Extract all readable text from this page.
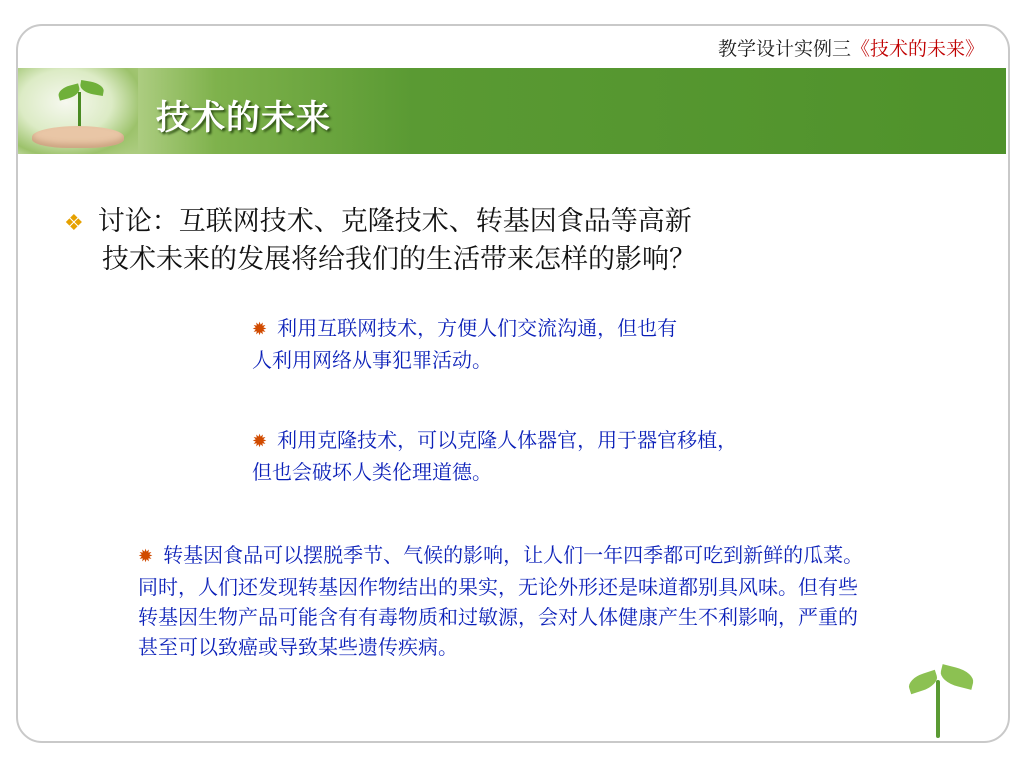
教学设计实例三《技术的未来》
技术的未来
❖ 讨论：互联网技术、克隆技术、转基因食品等高新
技术未来的发展将给我们的生活带来怎样的影响？
✹ 利用互联网技术，方便人们交流沟通，但也有人利用网络从事犯罪活动。
✹ 利用克隆技术，可以克隆人体器官，用于器官移植，但也会破坏人类伦理道德。
✹ 转基因食品可以摆脱季节、气候的影响，让人们一年四季都可吃到新鲜的瓜菜。同时，人们还发现转基因作物结出的果实，无论外形还是味道都别具风味。但有些转基因生物产品可能含有有毒物质和过敏源，会对人体健康产生不利影响，严重的甚至可以致癌或导致某些遗传疾病。
